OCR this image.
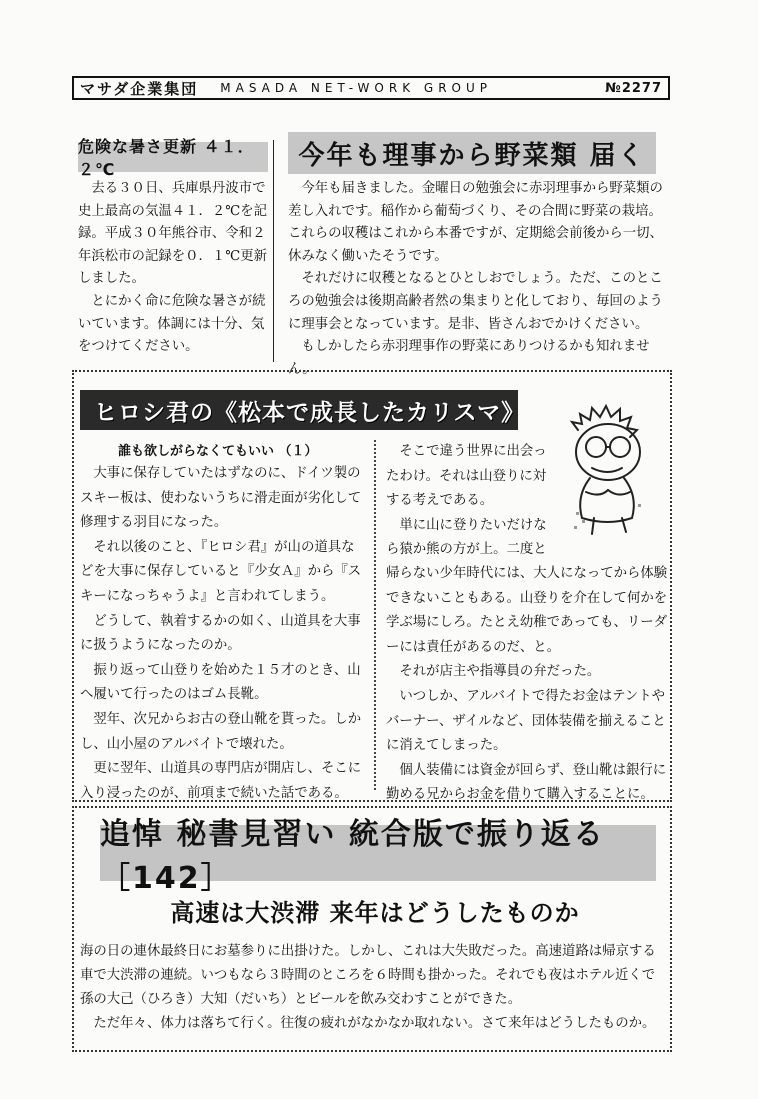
マサダ企業集団 MASADA NET-WORK GROUP	№2277
危険な暑さ更新 ４１．２℃

去る３０日、兵庫県丹波市で史上最高の気温４１．２℃を記録。平成３０年熊谷市、令和２年浜松市の記録を０．１℃更新しました。

とにかく命に危険な暑さが続いています。体調には十分、気をつけてください。

今年も理事から野菜類 届く

今年も届きました。金曜日の勉強会に赤羽理事から野菜類の差し入れです。稲作から葡萄づくり、その合間に野菜の栽培。これらの収穫はこれから本番ですが、定期総会前後から一切、休みなく働いたそうです。

それだけに収穫となるとひとしおでしょう。ただ、このところの勉強会は後期高齢者然の集まりと化しており、毎回のように理事会となっています。是非、皆さんおでかけください。

もしかしたら赤羽理事作の野菜にありつけるかも知れません。

ヒロシ君の《松本で成長したカリスマ》
誰も欲しがらなくてもいい （１）

大事に保存していたはずなのに、ドイツ製のスキー板は、使わないうちに滑走面が劣化して修理する羽目になった。

それ以後のこと、『ヒロシ君』が山の道具などを大事に保存していると『少女Ａ』から『スキーになっちゃうよ』と言われてしまう。

どうして、執着するかの如く、山道具を大事に扱うようになったのか。

振り返って山登りを始めた１５才のとき、山へ履いて行ったのはゴム長靴。

翌年、次兄からお古の登山靴を貰った。しかし、山小屋のアルバイトで壊れた。

更に翌年、山道具の専門店が開店し、そこに入り浸ったのが、前項まで続いた話である。

そこで違う世界に出会ったわけ。それは山登りに対する考えである。

単に山に登りたいだけなら猿か熊の方が上。二度と

帰らない少年時代には、大人になってから体験できないこともある。山登りを介在して何かを学ぶ場にしろ。たとえ幼稚であっても、リーダーには責任があるのだ、と。

それが店主や指導員の弁だった。

いつしか、アルバイトで得たお金はテントやバーナー、ザイルなど、団体装備を揃えることに消えてしまった。

個人装備には資金が回らず、登山靴は銀行に勤める兄からお金を借りて購入することに。

追悼 秘書見習い 統合版で振り返る ［142］
高速は大渋滞 来年はどうしたものか

海の日の連休最終日にお墓参りに出掛けた。しかし、これは大失敗だった。高速道路は帰京する車で大渋滞の連続。いつもなら３時間のところを６時間も掛かった。それでも夜はホテル近くで孫の大己（ひろき）大知（だいち）とビールを飲み交わすことができた。

ただ年々、体力は落ちて行く。往復の疲れがなかなか取れない。さて来年はどうしたものか。
